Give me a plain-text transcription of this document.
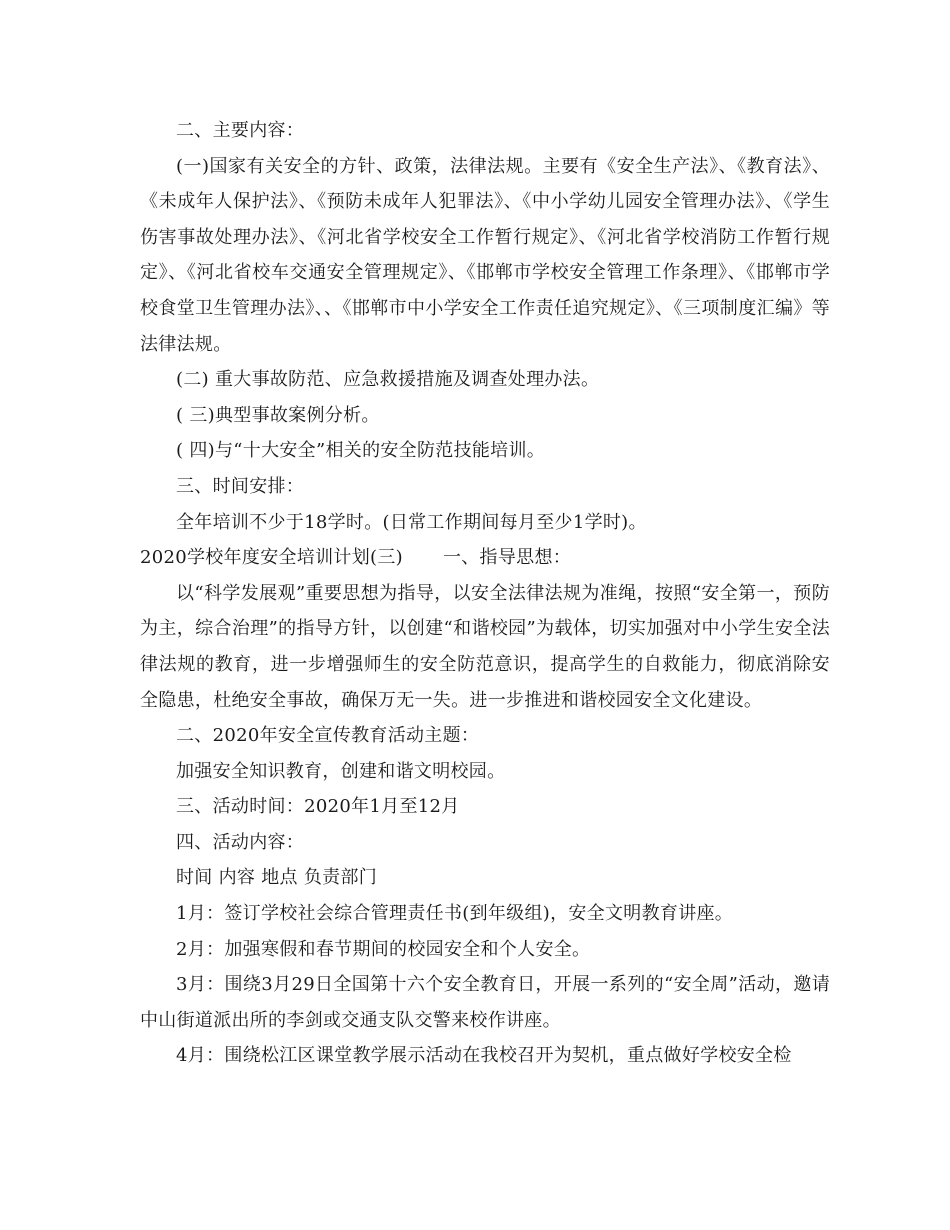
二、主要内容：

(一)国家有关安全的方针、政策，法律法规。主要有《安全生产法》、《教育法》、《未成年人保护法》、《预防未成年人犯罪法》、《中小学幼儿园安全管理办法》、《学生伤害事故处理办法》、《河北省学校安全工作暂行规定》、《河北省学校消防工作暂行规定》、《河北省校车交通安全管理规定》、《邯郸市学校安全管理工作条理》、《邯郸市学校食堂卫生管理办法》、、《邯郸市中小学安全工作责任追究规定》、《三项制度汇编》等法律法规。

(二) 重大事故防范、应急救援措施及调查处理办法。

( 三)典型事故案例分析。

( 四)与“十大安全”相关的安全防范技能培训。

三、时间安排：

全年培训不少于18学时。(日常工作期间每月至少1学时)。

2020学校年度安全培训计划(三) 一、指导思想：

以“科学发展观”重要思想为指导，以安全法律法规为准绳，按照“安全第一，预防为主，综合治理”的指导方针，以创建“和谐校园”为载体，切实加强对中小学生安全法律法规的教育，进一步增强师生的安全防范意识，提高学生的自救能力，彻底消除安全隐患，杜绝安全事故，确保万无一失。进一步推进和谐校园安全文化建设。

二、2020年安全宣传教育活动主题：

加强安全知识教育，创建和谐文明校园。

三、活动时间：2020年1月至12月

四、活动内容：

时间 内容 地点 负责部门

1月：签订学校社会综合管理责任书(到年级组)，安全文明教育讲座。

2月：加强寒假和春节期间的校园安全和个人安全。

3月：围绕3月29日全国第十六个安全教育日，开展一系列的“安全周”活动，邀请中山街道派出所的李剑或交通支队交警来校作讲座。

4月：围绕松江区课堂教学展示活动在我校召开为契机，重点做好学校安全检
